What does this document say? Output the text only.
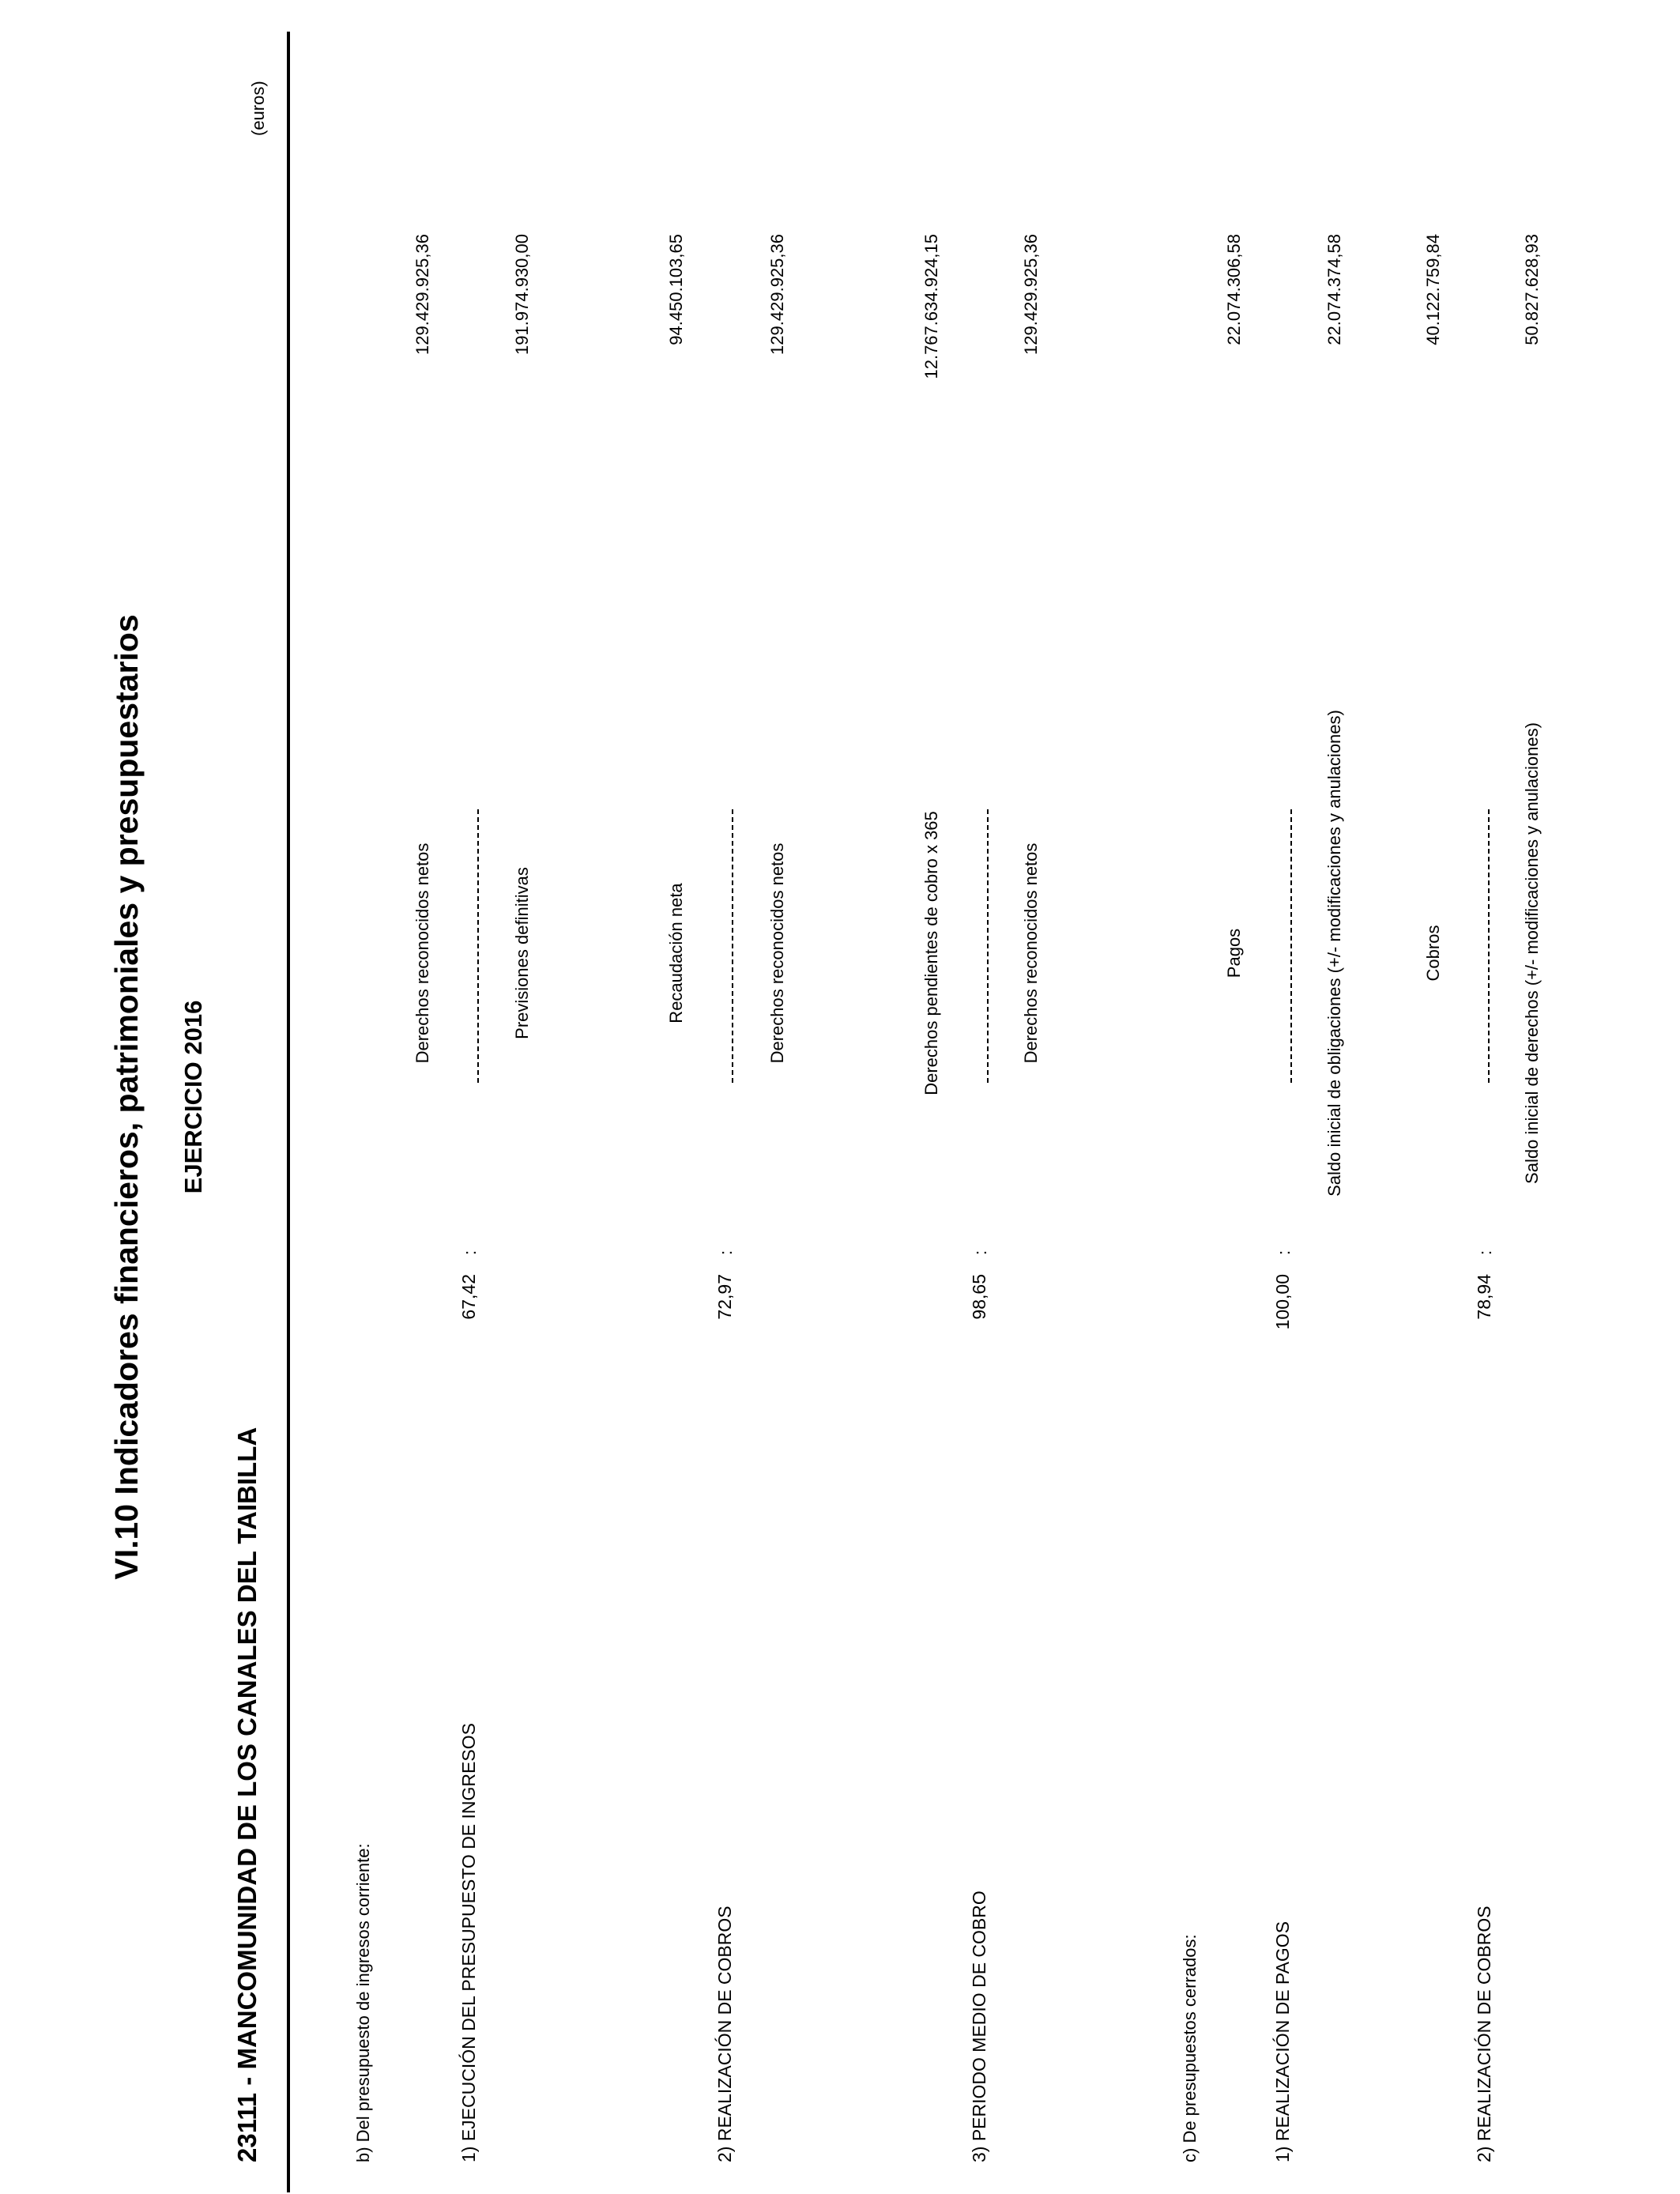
VI.10 Indicadores financieros, patrimoniales y presupuestarios EJERCICIO 2016
23111 - MANCOMUNIDAD DE LOS CANALES DEL TAIBILLA
(euros)
b) Del presupuesto de ingresos corriente:	1) EJECUCIÓN DEL PRESUPUESTO DE INGRESOS
67,42
:
Derechos reconocidos netos
129.429.925,36
Previsiones definitivas
191.974.930,00
2) REALIZACIÓN DE COBROS
72,97
:
Recaudación neta
94.450.103,65
Derechos reconocidos netos
129.429.925,36
3) PERIODO MEDIO DE COBRO
98,65
:
Derechos pendientes de cobro x 365
12.767.634.924,15
Derechos reconocidos netos
129.429.925,36
c) De presupuestos cerrados:	1) REALIZACIÓN DE PAGOS
100,00
:
Pagos
22.074.306,58
Saldo inicial de obligaciones (+/- modificaciones y anulaciones)
22.074.374,58
2) REALIZACIÓN DE COBROS
78,94
:
Cobros
40.122.759,84
Saldo inicial de derechos (+/- modificaciones y anulaciones)
50.827.628,93
